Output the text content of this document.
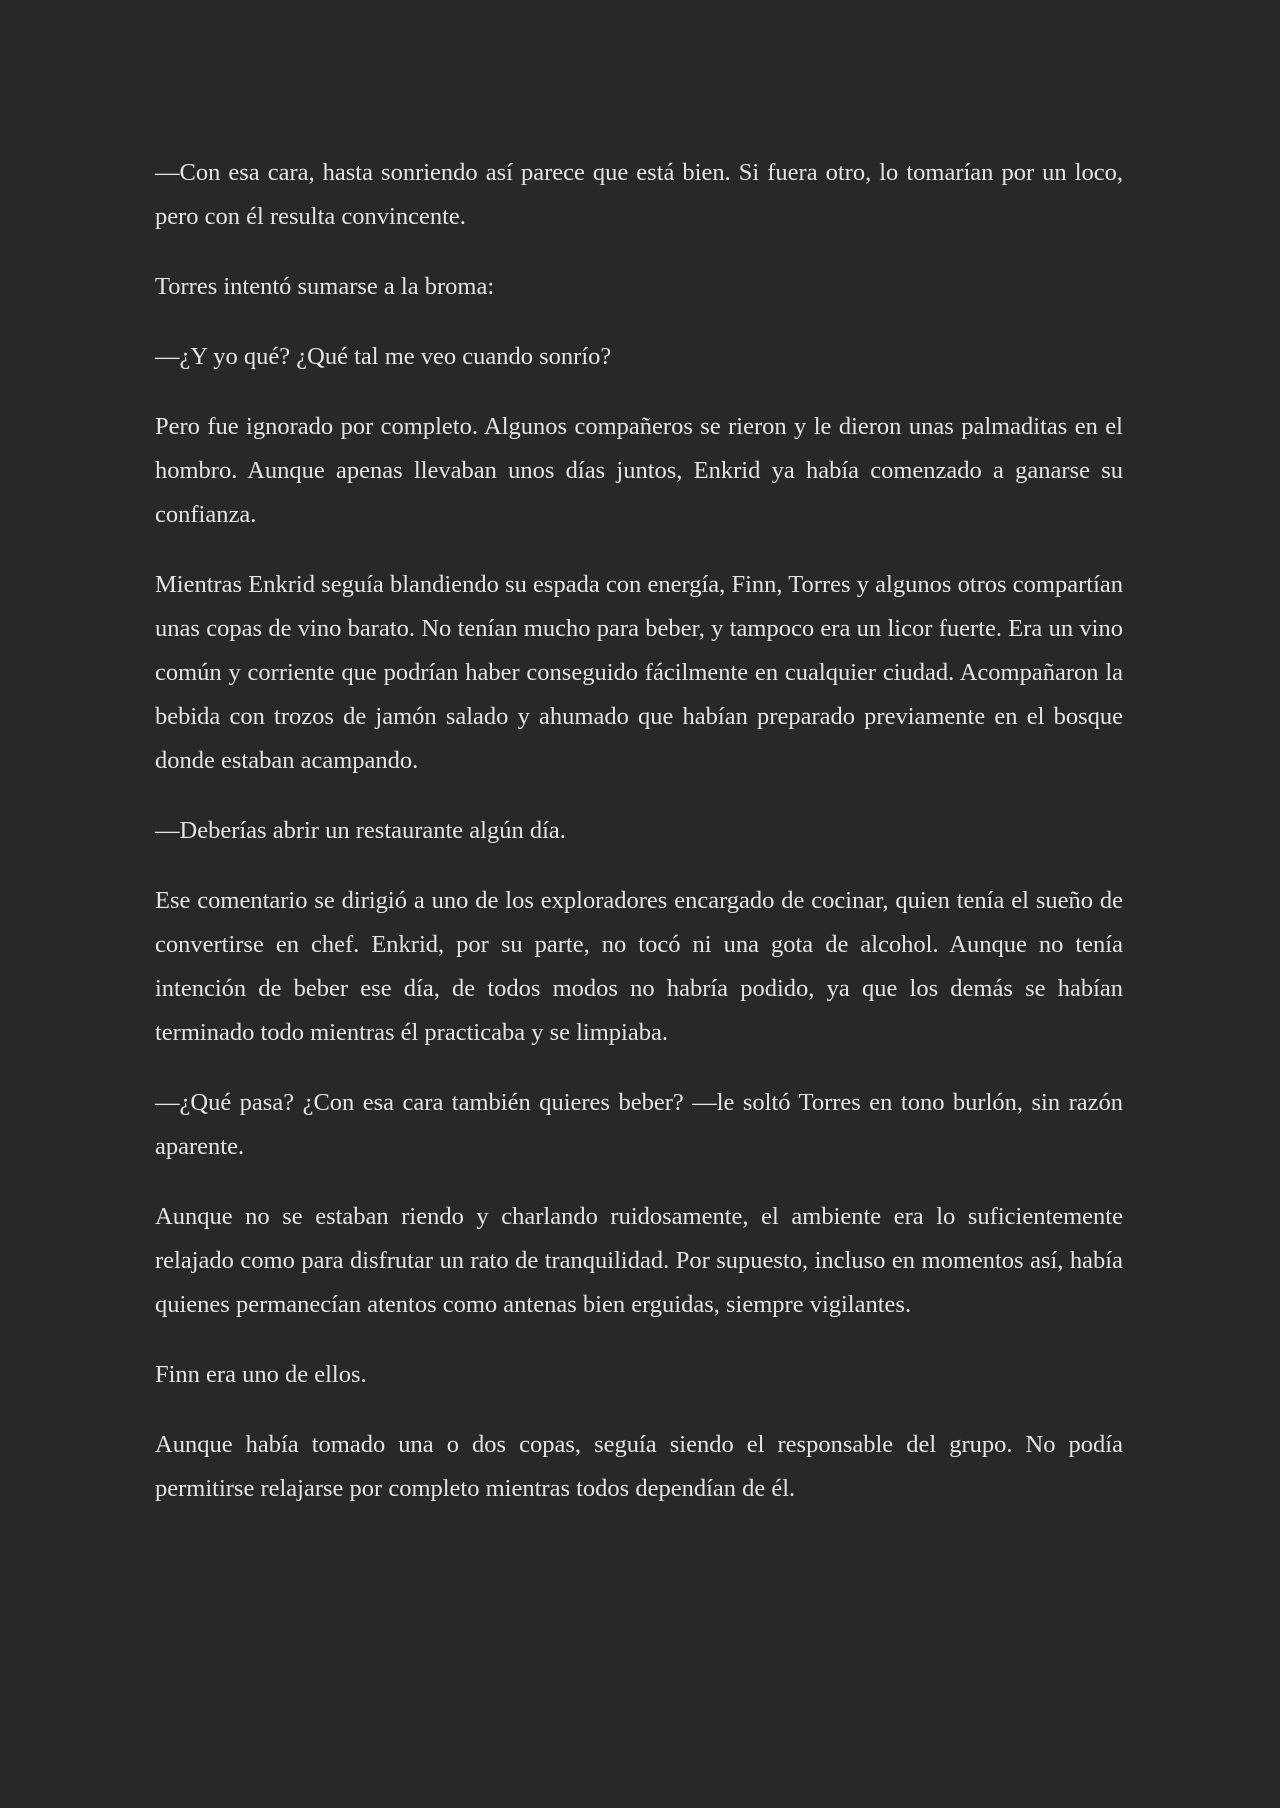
—Con esa cara, hasta sonriendo así parece que está bien. Si fuera otro, lo tomarían por un loco, pero con él resulta convincente.

Torres intentó sumarse a la broma:

—¿Y yo qué? ¿Qué tal me veo cuando sonrío?

Pero fue ignorado por completo. Algunos compañeros se rieron y le dieron unas palmaditas en el hombro. Aunque apenas llevaban unos días juntos, Enkrid ya había comenzado a ganarse su confianza.

Mientras Enkrid seguía blandiendo su espada con energía, Finn, Torres y algunos otros compartían unas copas de vino barato. No tenían mucho para beber, y tampoco era un licor fuerte. Era un vino común y corriente que podrían haber conseguido fácilmente en cualquier ciudad. Acompañaron la bebida con trozos de jamón salado y ahumado que habían preparado previamente en el bosque donde estaban acampando.

—Deberías abrir un restaurante algún día.

Ese comentario se dirigió a uno de los exploradores encargado de cocinar, quien tenía el sueño de convertirse en chef. Enkrid, por su parte, no tocó ni una gota de alcohol. Aunque no tenía intención de beber ese día, de todos modos no habría podido, ya que los demás se habían terminado todo mientras él practicaba y se limpiaba.

—¿Qué pasa? ¿Con esa cara también quieres beber? —le soltó Torres en tono burlón, sin razón aparente.

Aunque no se estaban riendo y charlando ruidosamente, el ambiente era lo suficientemente relajado como para disfrutar un rato de tranquilidad. Por supuesto, incluso en momentos así, había quienes permanecían atentos como antenas bien erguidas, siempre vigilantes.

Finn era uno de ellos.

Aunque había tomado una o dos copas, seguía siendo el responsable del grupo. No podía permitirse relajarse por completo mientras todos dependían de él.
